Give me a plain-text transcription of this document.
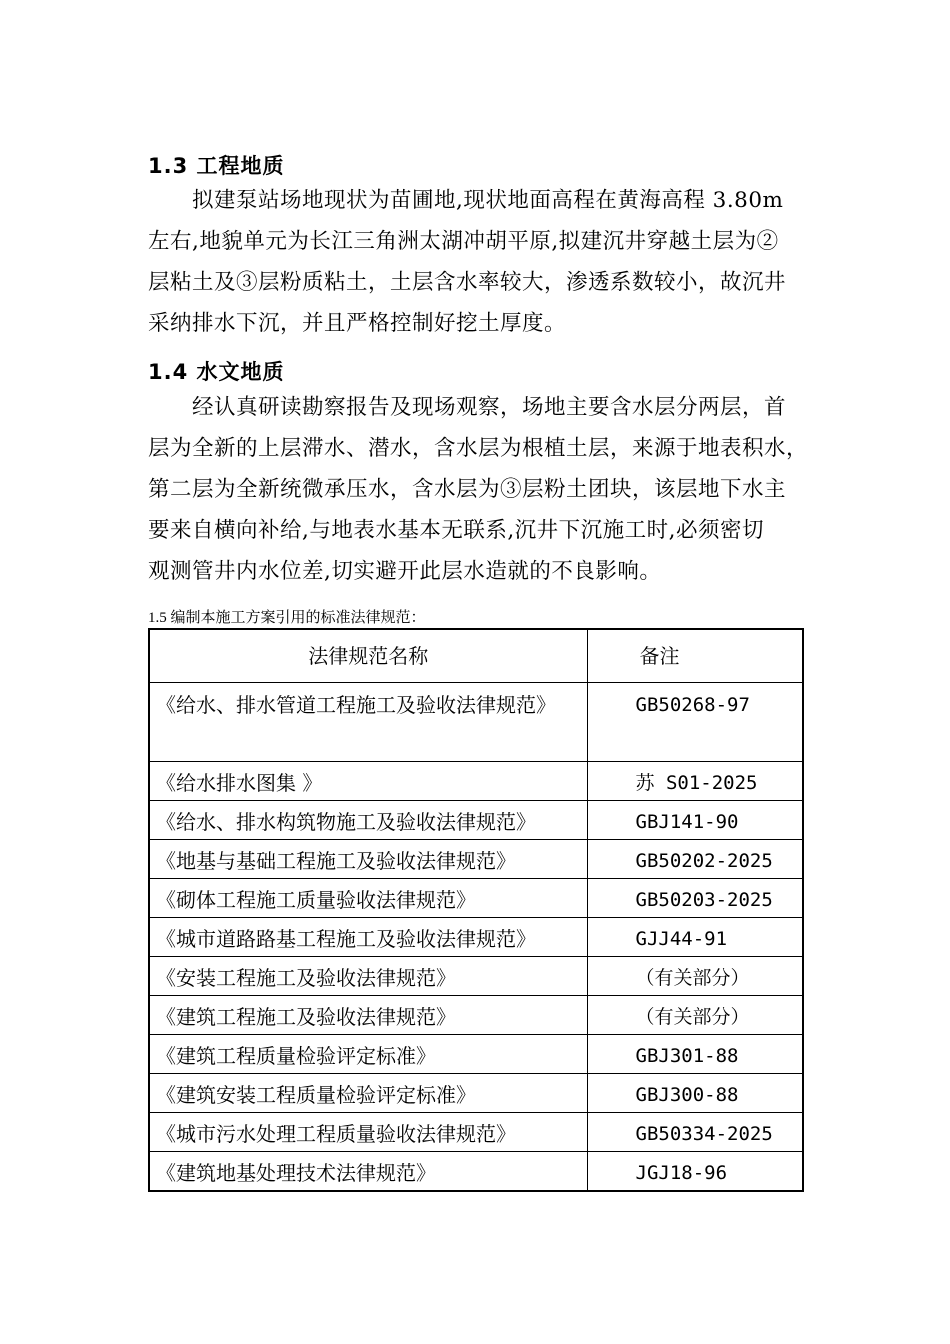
1.3 工程地质
拟建泵站场地现状为苗圃地,现状地面高程在黄海高程 3.80m
左右,地貌单元为长江三角洲太湖冲胡平原,拟建沉井穿越土层为②
层粘土及③层粉质粘土，土层含水率较大，渗透系数较小，故沉井
采纳排水下沉，并且严格控制好挖土厚度。
1.4 水文地质
经认真研读勘察报告及现场观察，场地主要含水层分两层，首
层为全新的上层滞水、潜水，含水层为根植土层，来源于地表积水，
第二层为全新统微承压水，含水层为③层粉土团块，该层地下水主
要来自横向补给,与地表水基本无联系,沉井下沉施工时,必须密切
观测管井内水位差,切实避开此层水造就的不良影响。
1.5 编制本施工方案引用的标准法律规范：
法律规范名称	备注
《给水、排水管道工程施工及验收法律规范》	GB50268-97
《给水排水图集 》	苏 S01-2025
《给水、排水构筑物施工及验收法律规范》	GBJ141-90
《地基与基础工程施工及验收法律规范》	GB50202-2025
《砌体工程施工质量验收法律规范》	GB50203-2025
《城市道路路基工程施工及验收法律规范》	GJJ44-91
《安装工程施工及验收法律规范》	（有关部分）
《建筑工程施工及验收法律规范》	（有关部分）
《建筑工程质量检验评定标准》	GBJ301-88
《建筑安装工程质量检验评定标准》	GBJ300-88
《城市污水处理工程质量验收法律规范》	GB50334-2025
《建筑地基处理技术法律规范》	JGJ18-96
